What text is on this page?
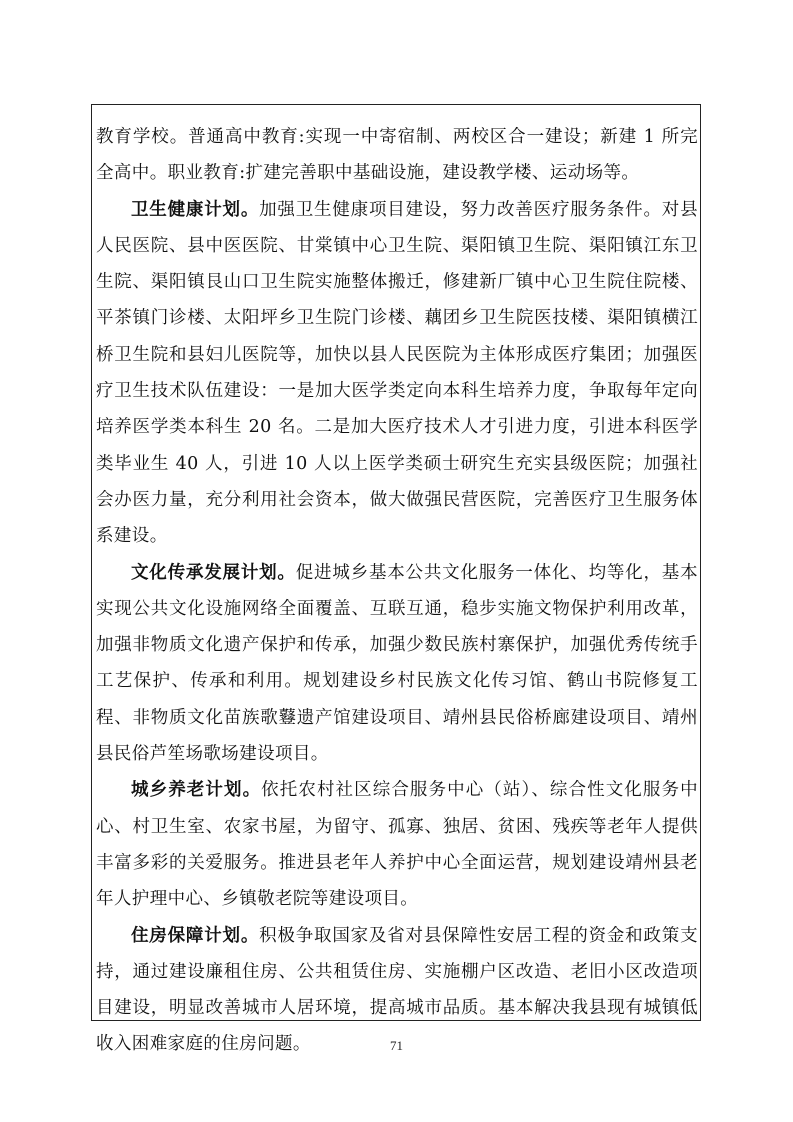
教育学校。普通高中教育:实现一中寄宿制、两校区合一建设；新建 1 所完全高中。职业教育:扩建完善职中基础设施，建设教学楼、运动场等。

卫生健康计划。加强卫生健康项目建设，努力改善医疗服务条件。对县人民医院、县中医医院、甘棠镇中心卫生院、渠阳镇卫生院、渠阳镇江东卫生院、渠阳镇艮山口卫生院实施整体搬迁，修建新厂镇中心卫生院住院楼、平茶镇门诊楼、太阳坪乡卫生院门诊楼、藕团乡卫生院医技楼、渠阳镇横江桥卫生院和县妇儿医院等，加快以县人民医院为主体形成医疗集团；加强医疗卫生技术队伍建设：一是加大医学类定向本科生培养力度，争取每年定向培养医学类本科生 20 名。二是加大医疗技术人才引进力度，引进本科医学类毕业生 40 人，引进 10 人以上医学类硕士研究生充实县级医院；加强社会办医力量，充分利用社会资本，做大做强民营医院，完善医疗卫生服务体系建设。

文化传承发展计划。促进城乡基本公共文化服务一体化、均等化，基本实现公共文化设施网络全面覆盖、互联互通，稳步实施文物保护利用改革，加强非物质文化遗产保护和传承，加强少数民族村寨保护，加强优秀传统手工艺保护、传承和利用。规划建设乡村民族文化传习馆、鹤山书院修复工程、非物质文化苗族歌鼟遗产馆建设项目、靖州县民俗桥廊建设项目、靖州县民俗芦笙场歌场建设项目。

城乡养老计划。依托农村社区综合服务中心（站）、综合性文化服务中心、村卫生室、农家书屋，为留守、孤寡、独居、贫困、残疾等老年人提供丰富多彩的关爱服务。推进县老年人养护中心全面运营，规划建设靖州县老年人护理中心、乡镇敬老院等建设项目。

住房保障计划。积极争取国家及省对县保障性安居工程的资金和政策支持，通过建设廉租住房、公共租赁住房、实施棚户区改造、老旧小区改造项目建设，明显改善城市人居环境，提高城市品质。基本解决我县现有城镇低收入困难家庭的住房问题。	71
